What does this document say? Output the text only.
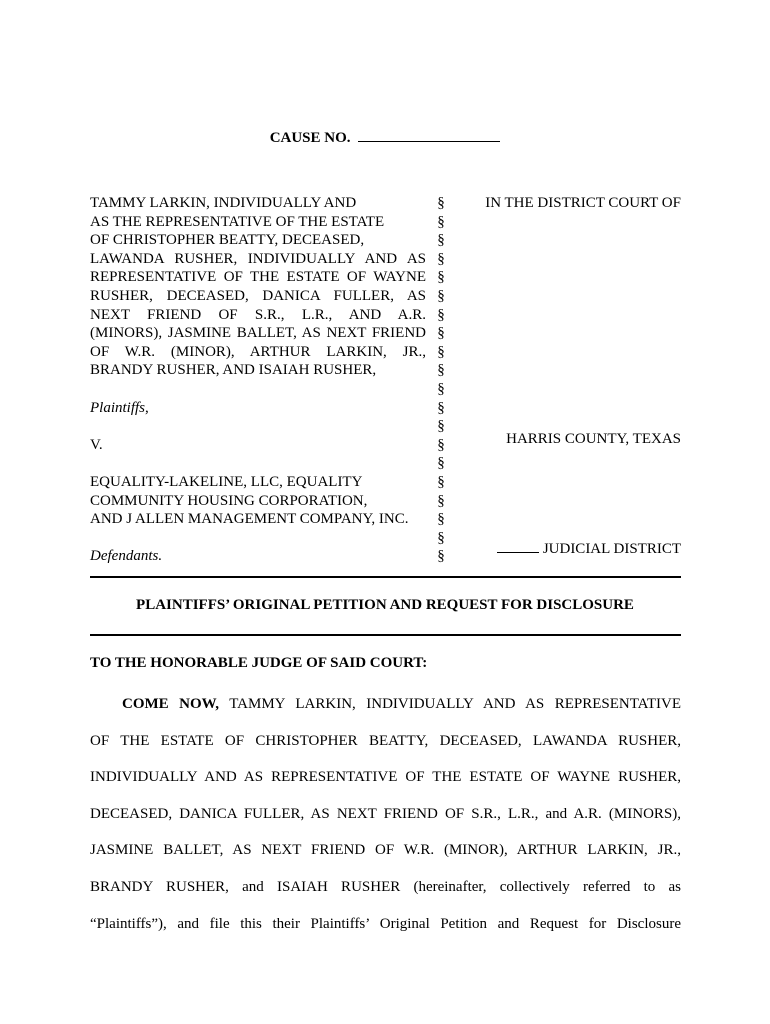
CAUSE NO.
TAMMY LARKIN, INDIVIDUALLY AND
AS THE REPRESENTATIVE OF THE ESTATE
OF CHRISTOPHER BEATTY, DECEASED,
LAWANDA RUSHER, INDIVIDUALLY AND AS
REPRESENTATIVE OF THE ESTATE OF WAYNE
RUSHER, DECEASED, DANICA FULLER, AS
NEXT FRIEND OF S.R., L.R., AND A.R.
(MINORS), JASMINE BALLET, AS NEXT FRIEND
OF W.R. (MINOR), ARTHUR LARKIN, JR.,
BRANDY RUSHER, AND ISAIAH RUSHER,
Plaintiffs,
V.
EQUALITY-LAKELINE, LLC, EQUALITY
COMMUNITY HOUSING CORPORATION,
AND J ALLEN MANAGEMENT COMPANY, INC.
Defendants.
§
§
§
§
§
§
§
§
§
§
§
§
§
§
§
§
§
§
§
§
IN THE DISTRICT COURT OF
HARRIS COUNTY, TEXAS
JUDICIAL DISTRICT
PLAINTIFFS’ ORIGINAL PETITION AND REQUEST FOR DISCLOSURE
TO THE HONORABLE JUDGE OF SAID COURT:
COME NOW, TAMMY LARKIN, INDIVIDUALLY AND AS REPRESENTATIVE
OF THE ESTATE OF CHRISTOPHER BEATTY, DECEASED, LAWANDA RUSHER,
INDIVIDUALLY AND AS REPRESENTATIVE OF THE ESTATE OF WAYNE RUSHER,
DECEASED, DANICA FULLER, AS NEXT FRIEND OF S.R., L.R., and A.R. (MINORS),
JASMINE BALLET, AS NEXT FRIEND OF W.R. (MINOR), ARTHUR LARKIN, JR.,
BRANDY RUSHER, and ISAIAH RUSHER (hereinafter, collectively referred to as
“Plaintiffs”), and file this their Plaintiffs’ Original Petition and Request for Disclosure
